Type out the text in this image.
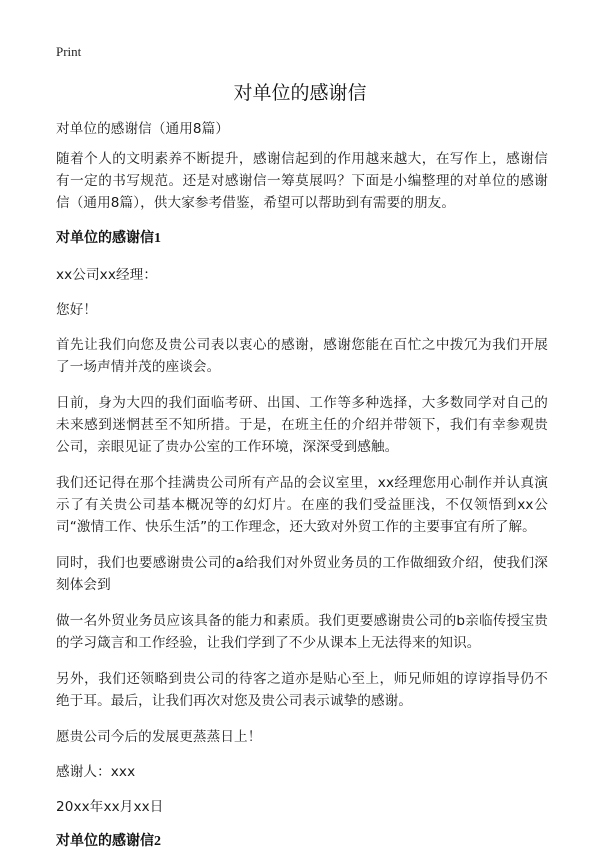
Print
对单位的感谢信

对单位的感谢信（通用8篇）

随着个人的文明素养不断提升，感谢信起到的作用越来越大，在写作上，感谢信有一定的书写规范。还是对感谢信一筹莫展吗？下面是小编整理的对单位的感谢信（通用8篇），供大家参考借鉴，希望可以帮助到有需要的朋友。

对单位的感谢信1

xx公司xx经理：

您好！

首先让我们向您及贵公司表以衷心的感谢，感谢您能在百忙之中拨冗为我们开展了一场声情并茂的座谈会。

日前，身为大四的我们面临考研、出国、工作等多种选择，大多数同学对自己的未来感到迷惘甚至不知所措。于是，在班主任的介绍并带领下，我们有幸参观贵公司，亲眼见证了贵办公室的工作环境，深深受到感触。

我们还记得在那个挂满贵公司所有产品的会议室里，xx经理您用心制作并认真演示了有关贵公司基本概况等的幻灯片。在座的我们受益匪浅，不仅领悟到xx公司“激情工作、快乐生活”的工作理念，还大致对外贸工作的主要事宜有所了解。

同时，我们也要感谢贵公司的a给我们对外贸业务员的工作做细致介绍，使我们深刻体会到

做一名外贸业务员应该具备的能力和素质。我们更要感谢贵公司的b亲临传授宝贵的学习箴言和工作经验，让我们学到了不少从课本上无法得来的知识。

另外，我们还领略到贵公司的待客之道亦是贴心至上，师兄师姐的谆谆指导仍不绝于耳。最后，让我们再次对您及贵公司表示诚挚的感谢。

愿贵公司今后的发展更蒸蒸日上！

感谢人：xxx

20xx年xx月xx日

对单位的感谢信2
